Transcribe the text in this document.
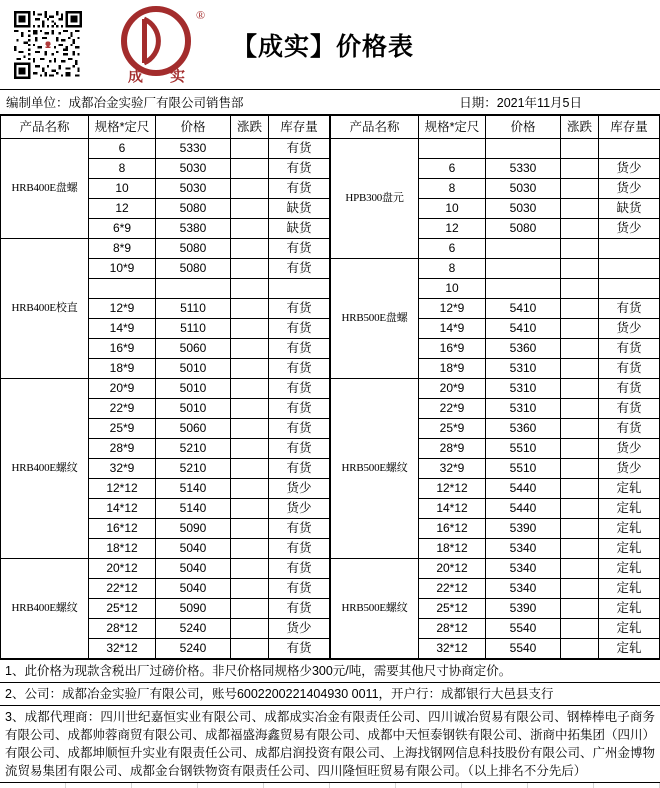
®
成 实
【成实】价格表
编制单位：成都冶金实验厂有限公司销售部	日期：2021年11月5日
产品名称	规格*定尺	价格	涨跌	库存量
HRB400E盘螺	6	5330		有货
	8	5030		有货
	10	5030		有货
	12	5080		缺货
	6*9	5380		缺货
HRB400E校直	8*9	5080		有货
	10*9	5080		有货

	12*9	5110		有货
	14*9	5110		有货
	16*9	5060		有货
	18*9	5010		有货
HRB400E螺纹	20*9	5010		有货
	22*9	5010		有货
	25*9	5060		有货
	28*9	5210		有货
	32*9	5210		有货
	12*12	5140		货少
	14*12	5140		货少
	16*12	5090		有货
	18*12	5040		有货
HRB400E螺纹	20*12	5040		有货
	22*12	5040		有货
	25*12	5090		有货
	28*12	5240		货少
	32*12	5240		有货
产品名称	规格*定尺	价格	涨跌	库存量
HPB300盘元				
	6	5330		货少
	8	5030		货少
	10	5030		缺货
	12	5080		货少
	6			
HRB500E盘螺	8			
	10			
	12*9	5410		有货
	14*9	5410		货少
	16*9	5360		有货
	18*9	5310		有货
HRB500E螺纹	20*9	5310		有货
	22*9	5310		有货
	25*9	5360		有货
	28*9	5510		货少
	32*9	5510		货少
	12*12	5440		定轧
	14*12	5440		定轧
	16*12	5390		定轧
	18*12	5340		定轧
HRB500E螺纹	20*12	5340		定轧
	22*12	5340		定轧
	25*12	5390		定轧
	28*12	5540		定轧
	32*12	5540		定轧
1、此价格为现款含税出厂过磅价格。非尺价格同规格少300元/吨，需要其他尺寸协商定价。
2、公司：成都冶金实验厂有限公司，账号6002200221404930 0011，开户行：成都银行大邑县支行
3、成都代理商：四川世纪嘉恒实业有限公司、成都成实冶金有限责任公司、四川诚冶贸易有限公司、钢棒棒电子商务有限公司、成都帅蓉商贸有限公司、成都福盛海鑫贸易有限公司、成都中天恒泰钢铁有限公司、浙商中拓集团（四川）有限公司、成都坤顺恒升实业有限责任公司、成都启润投资有限公司、上海找钢网信息科技股份有限公司、广州金博物流贸易集团有限公司、成都金台钢铁物资有限责任公司、四川隆恒旺贸易有限公司。（以上排名不分先后）
